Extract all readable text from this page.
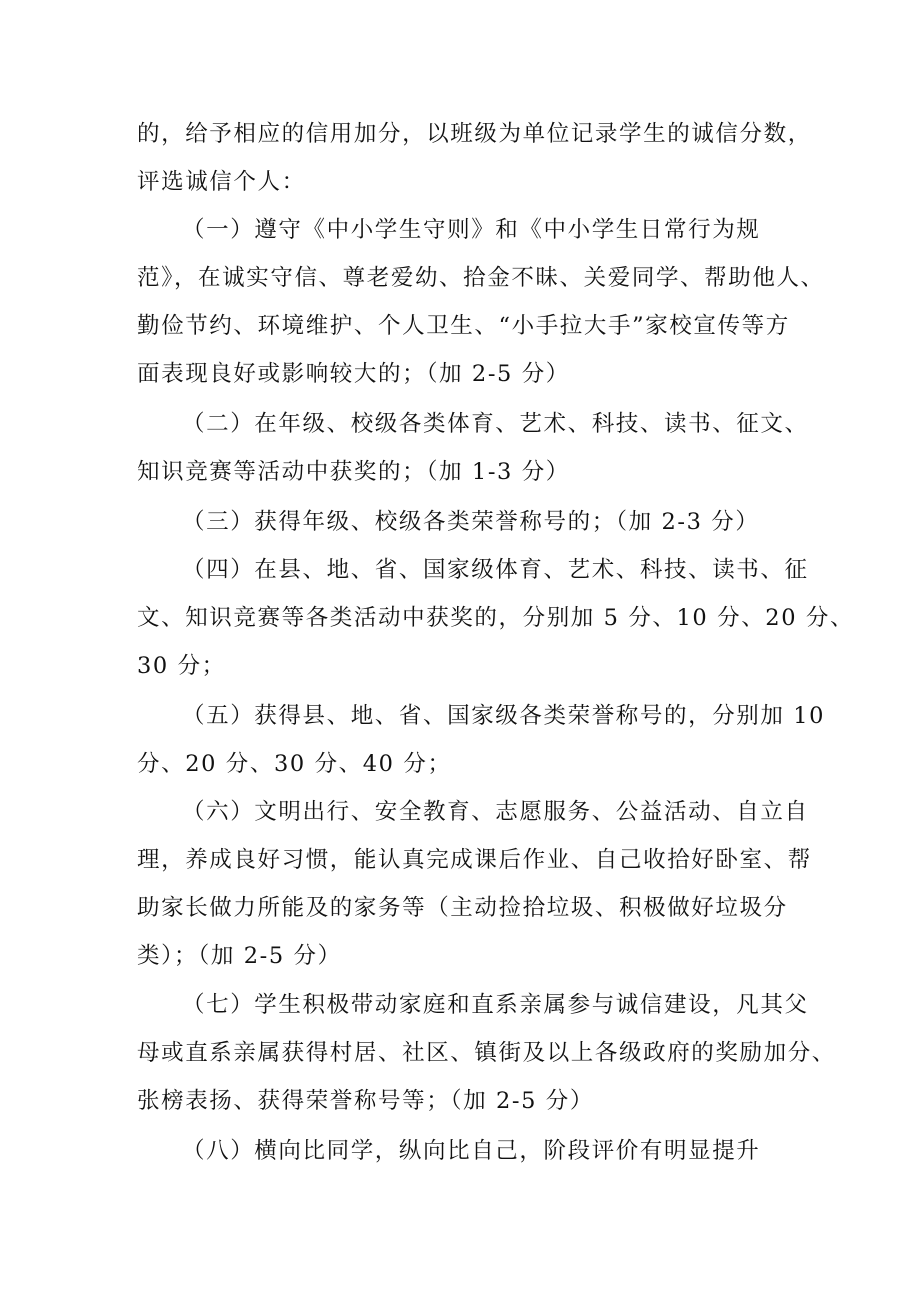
的，给予相应的信用加分，以班级为单位记录学生的诚信分数，
评选诚信个人：
（一）遵守《中小学生守则》和《中小学生日常行为规
范》，在诚实守信、尊老爱幼、拾金不昧、关爱同学、帮助他人、
勤俭节约、环境维护、个人卫生、“小手拉大手”家校宣传等方
面表现良好或影响较大的；（加 2-5 分）
（二）在年级、校级各类体育、艺术、科技、读书、征文、
知识竞赛等活动中获奖的；（加 1-3 分）
（三）获得年级、校级各类荣誉称号的；（加 2-3 分）
（四）在县、地、省、国家级体育、艺术、科技、读书、征
文、知识竞赛等各类活动中获奖的，分别加 5 分、10 分、20 分、
30 分；
（五）获得县、地、省、国家级各类荣誉称号的，分别加 10
分、20 分、30 分、40 分；
（六）文明出行、安全教育、志愿服务、公益活动、自立自
理，养成良好习惯，能认真完成课后作业、自己收拾好卧室、帮
助家长做力所能及的家务等（主动捡拾垃圾、积极做好垃圾分
类）；（加 2-5 分）
（七）学生积极带动家庭和直系亲属参与诚信建设，凡其父
母或直系亲属获得村居、社区、镇街及以上各级政府的奖励加分、
张榜表扬、获得荣誉称号等；（加 2-5 分）
（八）横向比同学，纵向比自己，阶段评价有明显提升
